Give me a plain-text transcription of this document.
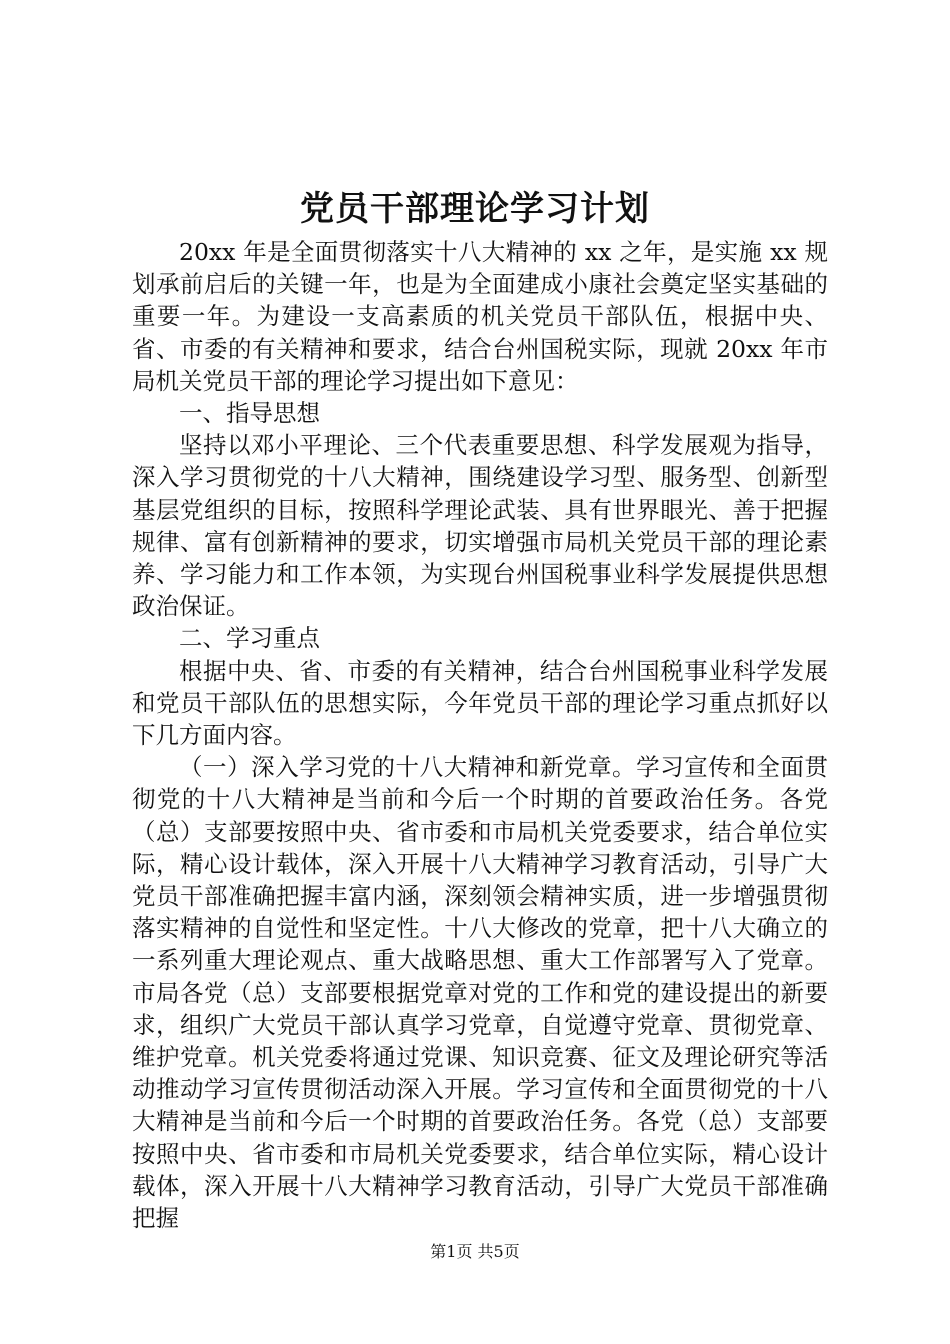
党员干部理论学习计划

20xx 年是全面贯彻落实十八大精神的 xx 之年，是实施 xx 规划承前启后的关键一年，也是为全面建成小康社会奠定坚实基础的重要一年。为建设一支高素质的机关党员干部队伍，根据中央、省、市委的有关精神和要求，结合台州国税实际，现就 20xx 年市局机关党员干部的理论学习提出如下意见：

一、指导思想

坚持以邓小平理论、三个代表重要思想、科学发展观为指导，深入学习贯彻党的十八大精神，围绕建设学习型、服务型、创新型基层党组织的目标，按照科学理论武装、具有世界眼光、善于把握规律、富有创新精神的要求，切实增强市局机关党员干部的理论素养、学习能力和工作本领，为实现台州国税事业科学发展提供思想政治保证。

二、学习重点

根据中央、省、市委的有关精神，结合台州国税事业科学发展和党员干部队伍的思想实际，今年党员干部的理论学习重点抓好以下几方面内容。

（一）深入学习党的十八大精神和新党章。学习宣传和全面贯彻党的十八大精神是当前和今后一个时期的首要政治任务。各党（总）支部要按照中央、省市委和市局机关党委要求，结合单位实际，精心设计载体，深入开展十八大精神学习教育活动，引导广大党员干部准确把握丰富内涵，深刻领会精神实质，进一步增强贯彻落实精神的自觉性和坚定性。十八大修改的党章，把十八大确立的一系列重大理论观点、重大战略思想、重大工作部署写入了党章。市局各党（总）支部要根据党章对党的工作和党的建设提出的新要求，组织广大党员干部认真学习党章，自觉遵守党章、贯彻党章、维护党章。机关党委将通过党课、知识竞赛、征文及理论研究等活动推动学习宣传贯彻活动深入开展。学习宣传和全面贯彻党的十八大精神是当前和今后一个时期的首要政治任务。各党（总）支部要按照中央、省市委和市局机关党委要求，结合单位实际，精心设计载体，深入开展十八大精神学习教育活动，引导广大党员干部准确把握

第1页 共5页
